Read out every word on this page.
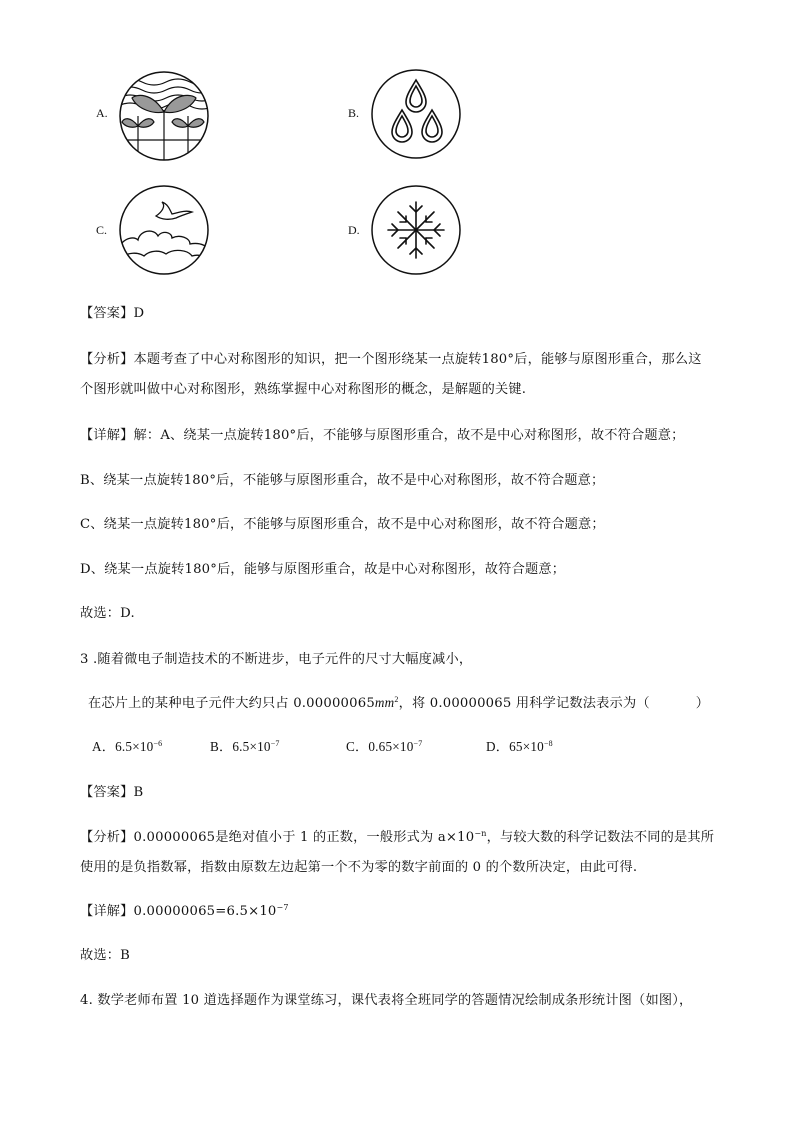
A.	B.
C.	D.
【答案】D
【分析】本题考查了中心对称图形的知识，把一个图形绕某一点旋转180°后，能够与原图形重合，那么这
个图形就叫做中心对称图形，熟练掌握中心对称图形的概念，是解题的关键.
【详解】解：A、绕某一点旋转180°后，不能够与原图形重合，故不是中心对称图形，故不符合题意；
B、绕某一点旋转180°后，不能够与原图形重合，故不是中心对称图形，故不符合题意；
C、绕某一点旋转180°后，不能够与原图形重合，故不是中心对称图形，故不符合题意；
D、绕某一点旋转180°后，能够与原图形重合，故是中心对称图形，故符合题意；
故选：D.
3 .随着微电子制造技术的不断进步，电子元件的尺寸大幅度减小，
在芯片上的某种电子元件大约只占 $0.00000065mm^2$，将 0.00000065 用科学记数法表示为（	）
A．$6.5\times 10^{-6}$	B．$6.5\times 10^{-7}$	C．$0.65\times 10^{-7}$	D．$65\times 10^{-8}$
【答案】B
【分析】0.00000065是绝对值小于 1 的正数，一般形式为 $a\times 10^{-n}$，与较大数的科学记数法不同的是其所
使用的是负指数幂，指数由原数左边起第一个不为零的数字前面的 0 的个数所决定，由此可得.
【详解】$0.00000065=6.5\times 10^{-7}$
故选：B
4. 数学老师布置 10 道选择题作为课堂练习，课代表将全班同学的答题情况绘制成条形统计图（如图），
